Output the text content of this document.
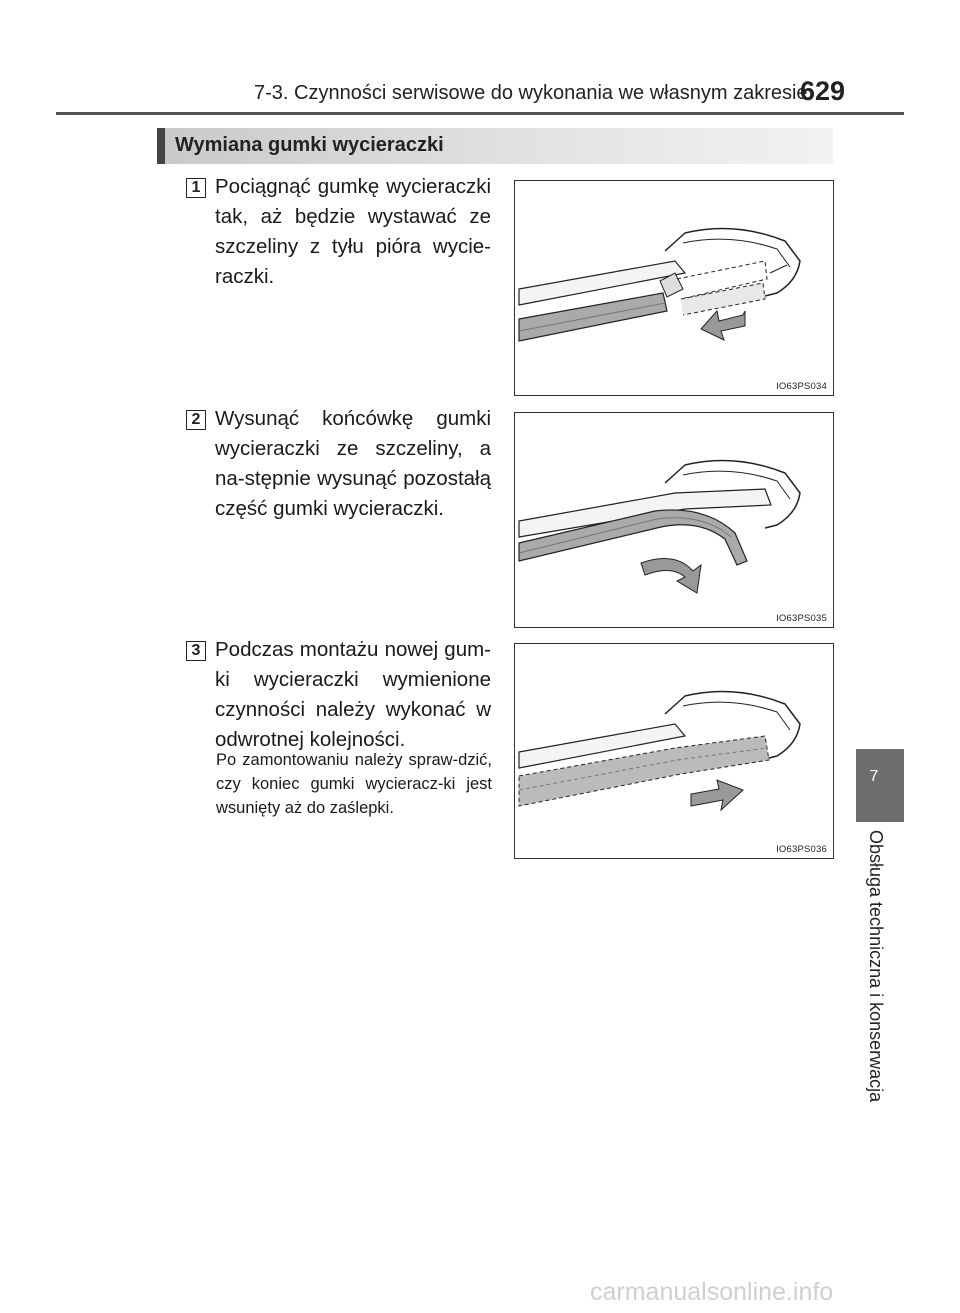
7-3. Czynności serwisowe do wykonania we własnym zakresie
629
Wymiana gumki wycieraczki
1 Pociągnąć gumkę wycieraczki tak, aż będzie wystawać ze szczeliny z tyłu pióra wycie-raczki.
IO63PS034
2 Wysunąć końcówkę gumki wycieraczki ze szczeliny, a na-stępnie wysunąć pozostałą część gumki wycieraczki.
IO63PS035
3 Podczas montażu nowej gum-ki wycieraczki wymienione czynności należy wykonać w odwrotnej kolejności.
Po zamontowaniu należy spraw-dzić, czy koniec gumki wycieracz-ki jest wsunięty aż do zaślepki.
IO63PS036
7
Obsługa techniczna i konserwacja
carmanualsonline.info
